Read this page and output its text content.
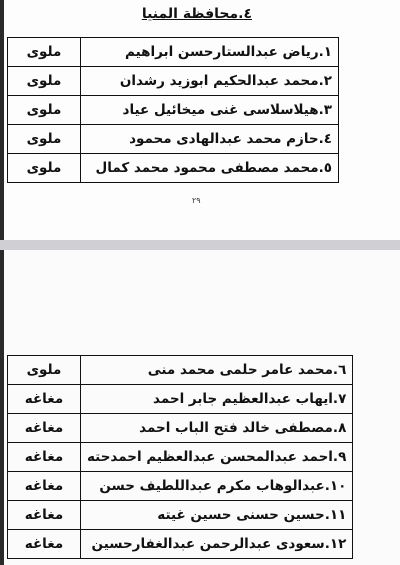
٤.محافظة المنيا
١.رياض عبدالستارحسن ابراهيم	ملوى
٢.محمد عبدالحكيم ابوزيد رشدان	ملوى
٣.هيلاسلاسى غنى ميخائيل عياد	ملوى
٤.حازم محمد عبدالهادى محمود	ملوى
٥.محمد مصطفى محمود محمد كمال	ملوى
٢٩
٦.محمد عامر حلمى محمد منى	ملوى
٧.ايهاب عبدالعظيم جابر احمد	مغاغه
٨.مصطفى خالد فتح الباب احمد	مغاغه
٩.احمد عبدالمحسن عبدالعظيم احمدحته	مغاغه
١٠.عبدالوهاب مكرم عبداللطيف حسن	مغاغه
١١.حسين حسنى حسين غيته	مغاغه
١٢.سعودى عبدالرحمن عبدالغفارحسين	مغاغه
